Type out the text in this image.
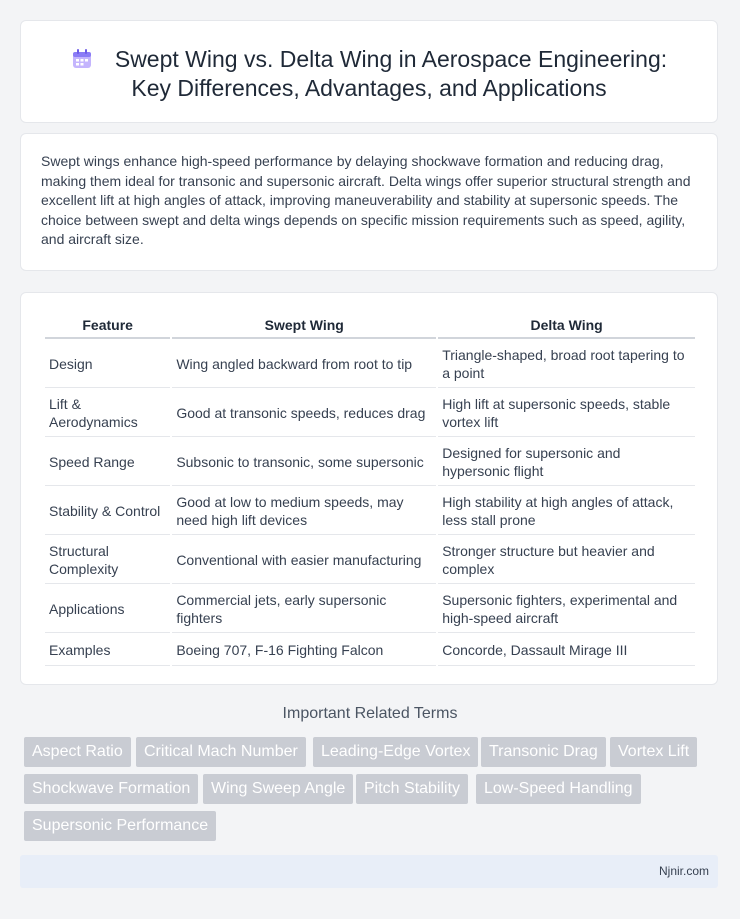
Swept Wing vs. Delta Wing in Aerospace Engineering:
Key Differences, Advantages, and Applications
Swept wings enhance high-speed performance by delaying shockwave formation and reducing drag, making them ideal for transonic and supersonic aircraft. Delta wings offer superior structural strength and excellent lift at high angles of attack, improving maneuverability and stability at supersonic speeds. The choice between swept and delta wings depends on specific mission requirements such as speed, agility, and aircraft size.
Feature	Swept Wing	Delta Wing
Design	Wing angled backward from root to tip	Triangle-shaped, broad root tapering to a point
Lift & Aerodynamics	Good at transonic speeds, reduces drag	High lift at supersonic speeds, stable vortex lift
Speed Range	Subsonic to transonic, some supersonic	Designed for supersonic and hypersonic flight
Stability & Control	Good at low to medium speeds, may need high lift devices	High stability at high angles of attack, less stall prone
Structural Complexity	Conventional with easier manufacturing	Stronger structure but heavier and complex
Applications	Commercial jets, early supersonic fighters	Supersonic fighters, experimental and high-speed aircraft
Examples	Boeing 707, F-16 Fighting Falcon	Concorde, Dassault Mirage III
Important Related Terms
Aspect Ratio	Critical Mach Number	Leading-Edge Vortex	Transonic Drag	Vortex Lift
Shockwave Formation	Wing Sweep Angle	Pitch Stability	Low-Speed Handling
Supersonic Performance
Njnir.com
